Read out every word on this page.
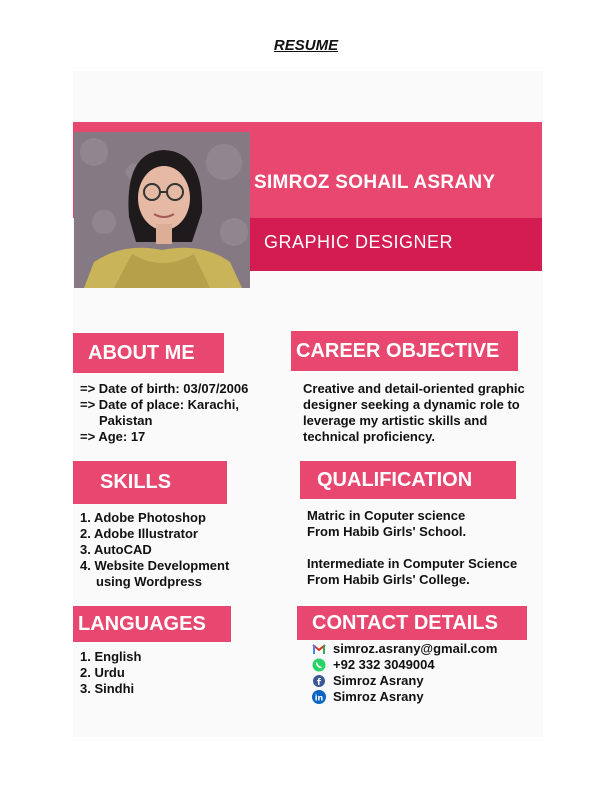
RESUME
SIMROZ SOHAIL ASRANY
GRAPHIC DESIGNER
ABOUT ME
=> Date of birth: 03/07/2006
=> Date of place: Karachi,
Pakistan
=> Age: 17
CAREER OBJECTIVE
Creative and detail-oriented graphic
designer seeking a dynamic role to
leverage my artistic skills and
technical proficiency.
SKILLS
1. Adobe Photoshop
2. Adobe Illustrator
3. AutoCAD
4. Website Development
using Wordpress
QUALIFICATION
Matric in Coputer science
From Habib Girls' School.
Intermediate in Computer Science
From Habib Girls' College.
LANGUAGES
1. English
2. Urdu
3. Sindhi
CONTACT DETAILS
simroz.asrany@gmail.com
+92 332 3049004
f Simroz Asrany
in Simroz Asrany
